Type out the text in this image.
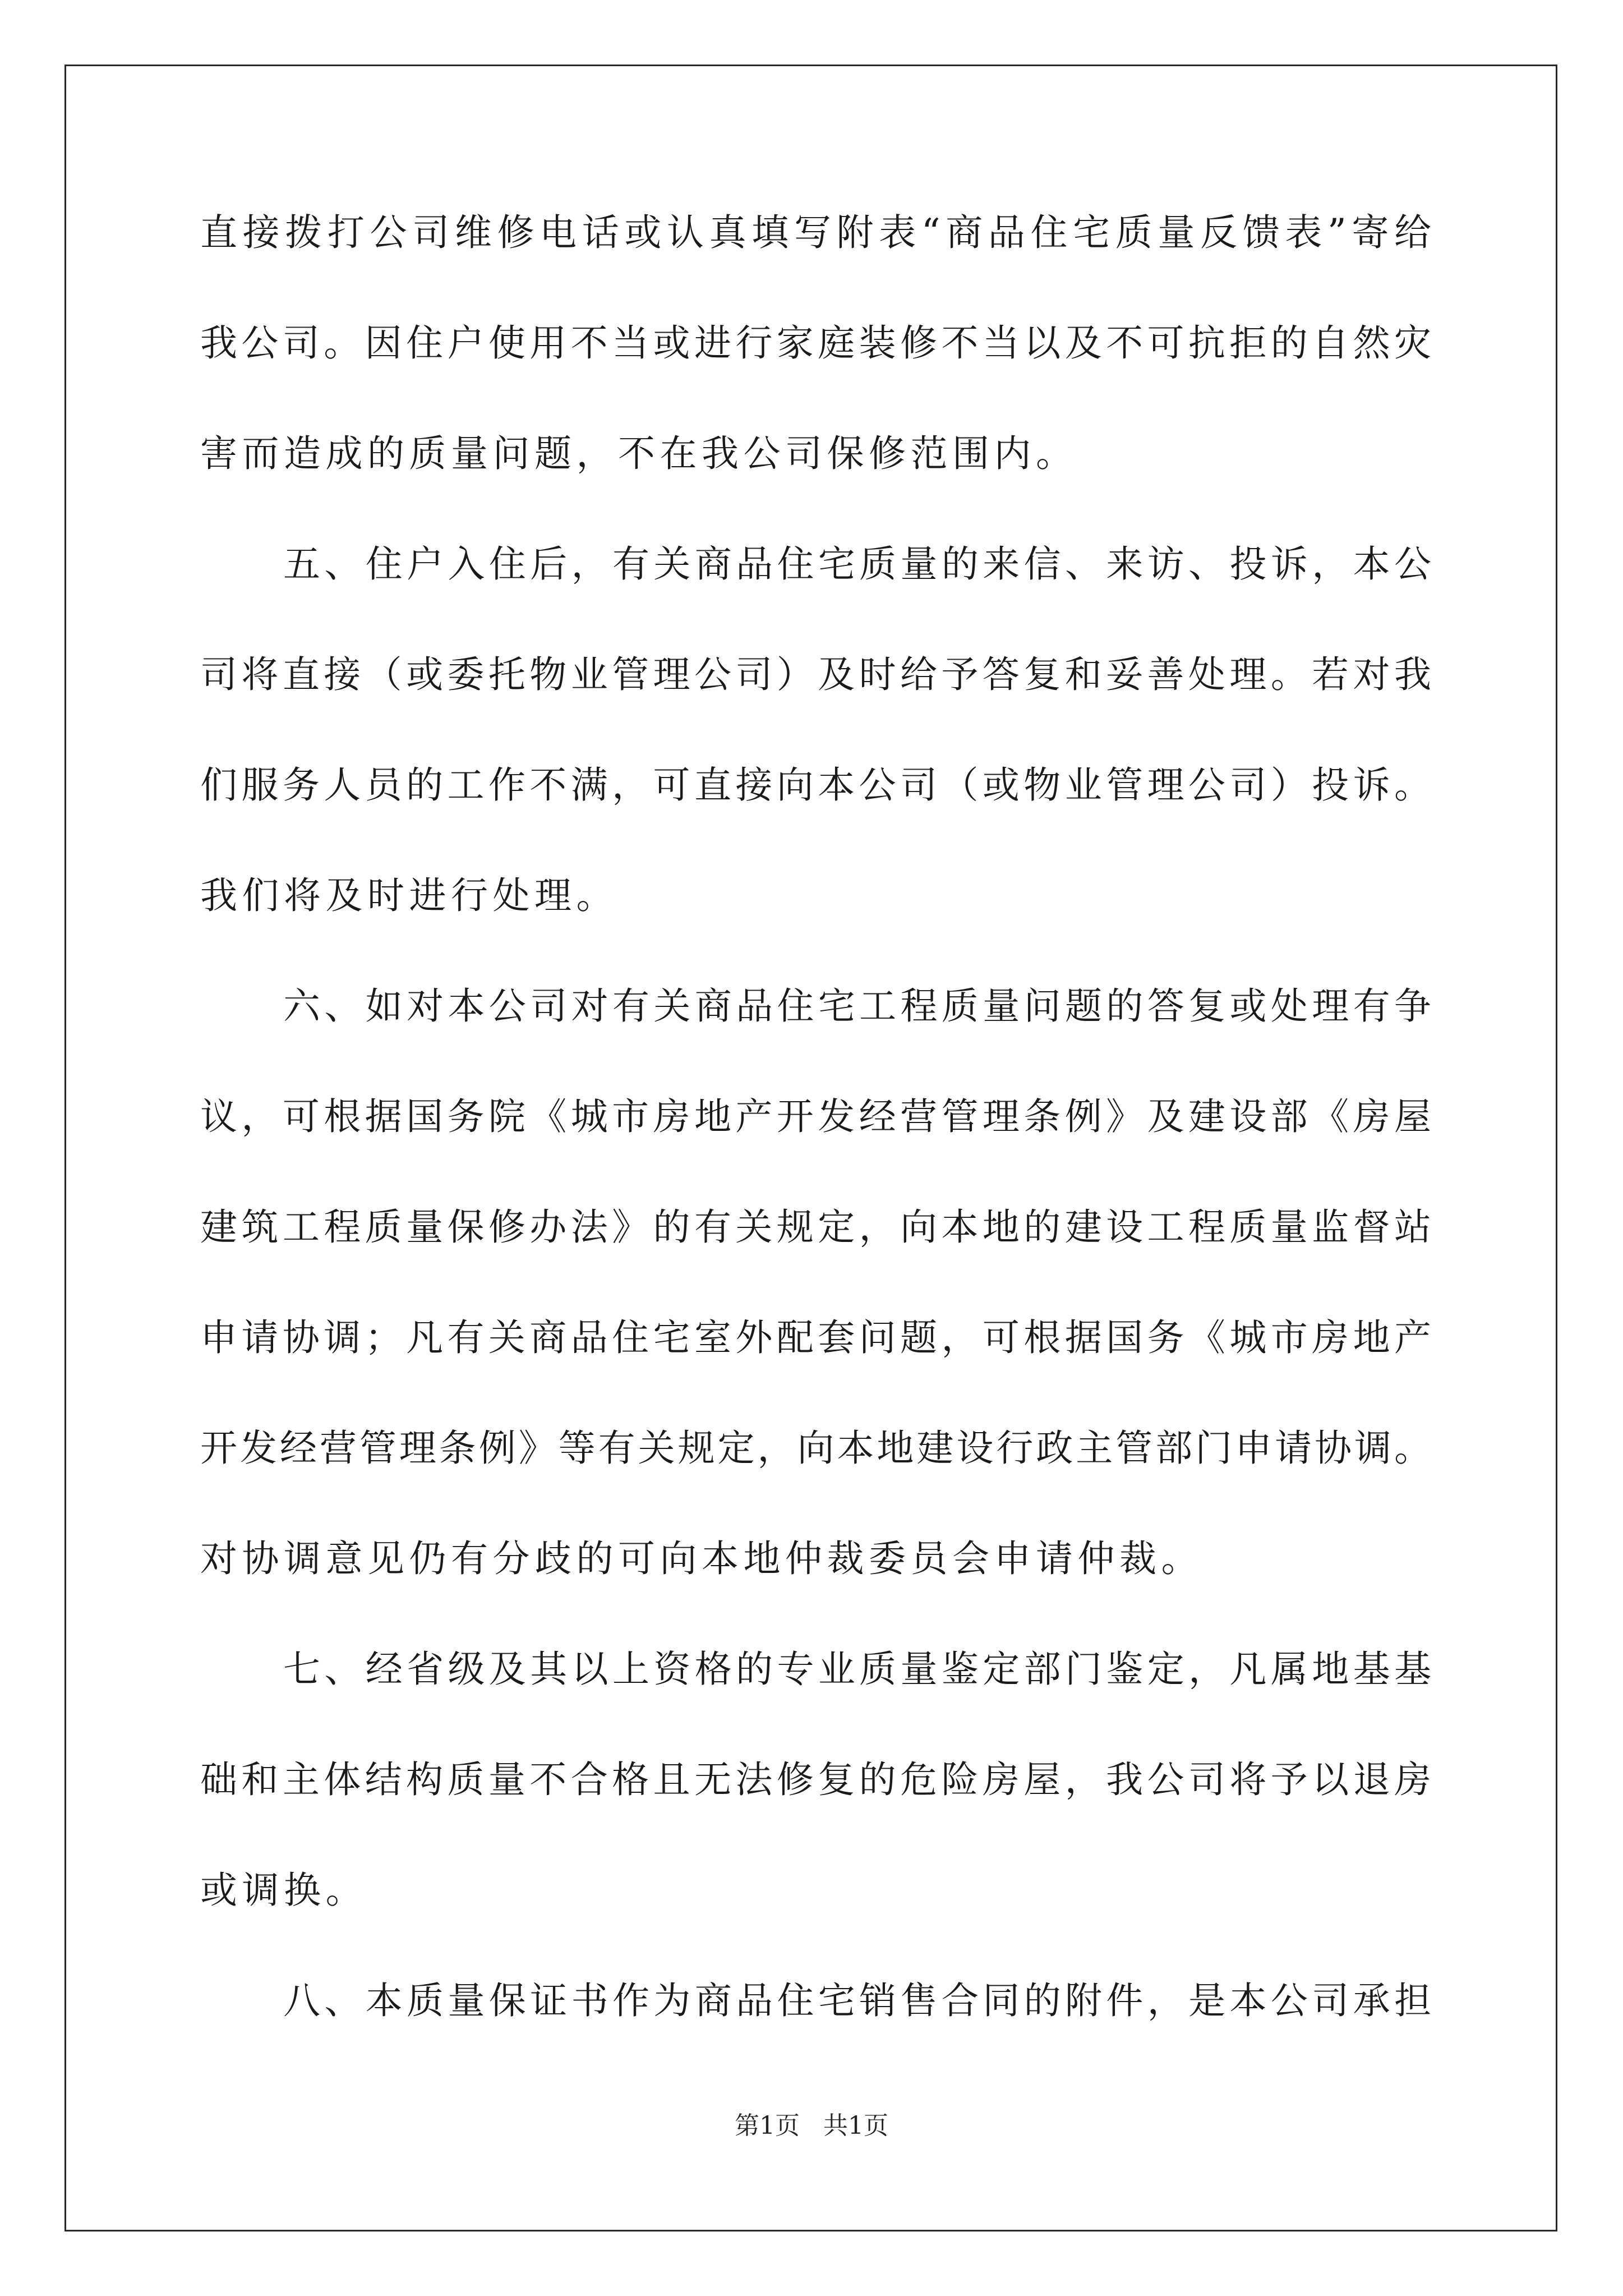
直接拨打公司维修电话或认真填写附表“商品住宅质量反馈表”寄给
我公司。因住户使用不当或进行家庭装修不当以及不可抗拒的自然灾
害而造成的质量问题，不在我公司保修范围内。
五、住户入住后，有关商品住宅质量的来信、来访、投诉，本公
司将直接（或委托物业管理公司）及时给予答复和妥善处理。若对我
们服务人员的工作不满，可直接向本公司（或物业管理公司）投诉。
我们将及时进行处理。
六、如对本公司对有关商品住宅工程质量问题的答复或处理有争
议，可根据国务院《城市房地产开发经营管理条例》及建设部《房屋
建筑工程质量保修办法》的有关规定，向本地的建设工程质量监督站
申请协调；凡有关商品住宅室外配套问题，可根据国务《城市房地产
开发经营管理条例》等有关规定，向本地建设行政主管部门申请协调。
对协调意见仍有分歧的可向本地仲裁委员会申请仲裁。
七、经省级及其以上资格的专业质量鉴定部门鉴定，凡属地基基
础和主体结构质量不合格且无法修复的危险房屋，我公司将予以退房
或调换。
八、本质量保证书作为商品住宅销售合同的附件，是本公司承担
第1页 共1页
